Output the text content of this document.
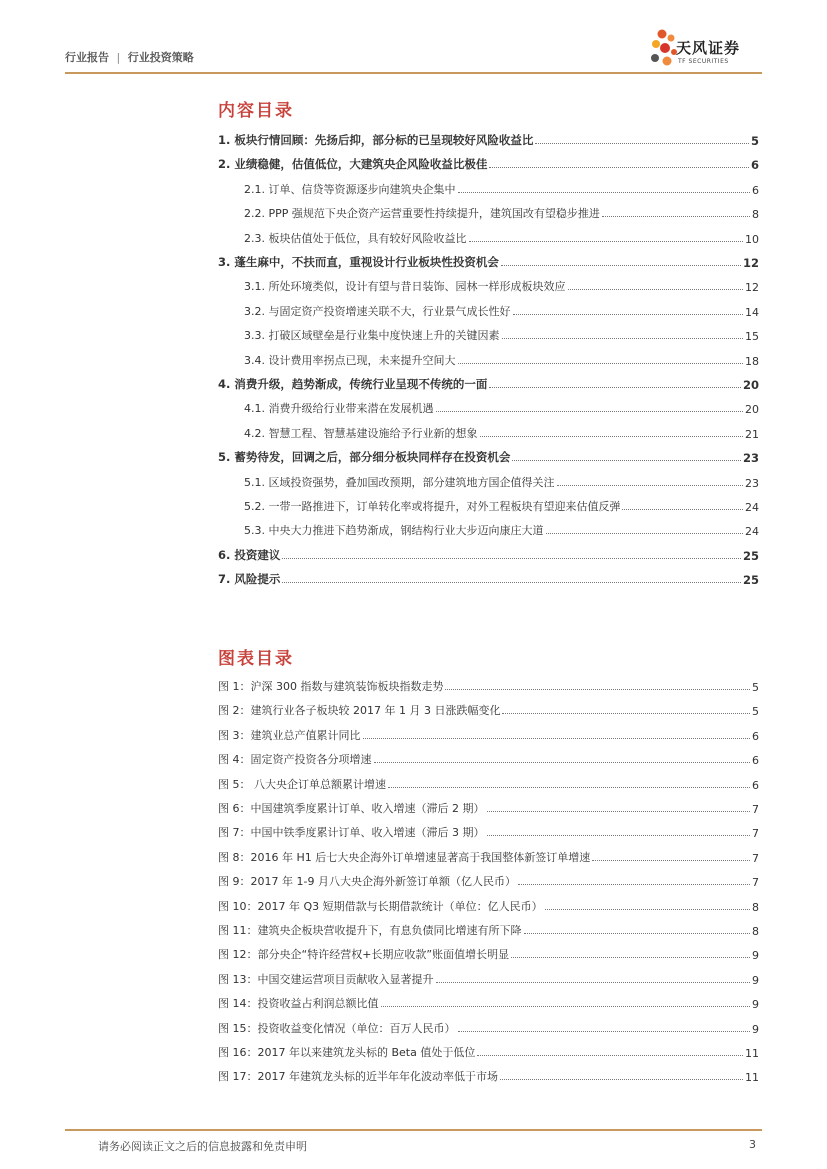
行业报告 | 行业投资策略
天风证券
TF SECURITIES
内容目录
1. 板块行情回顾：先扬后抑，部分标的已呈现较好风险收益比	5
2. 业绩稳健，估值低位，大建筑央企风险收益比极佳	6
2.1. 订单、信贷等资源逐步向建筑央企集中	6
2.2. PPP 强规范下央企资产运营重要性持续提升，建筑国改有望稳步推进	8
2.3. 板块估值处于低位，具有较好风险收益比	10
3. 蓬生麻中，不扶而直，重视设计行业板块性投资机会	12
3.1. 所处环境类似，设计有望与昔日装饰、园林一样形成板块效应	12
3.2. 与固定资产投资增速关联不大，行业景气成长性好	14
3.3. 打破区域壁垒是行业集中度快速上升的关键因素	15
3.4. 设计费用率拐点已现，未来提升空间大	18
4. 消费升级，趋势渐成，传统行业呈现不传统的一面	20
4.1. 消费升级给行业带来潜在发展机遇	20
4.2. 智慧工程、智慧基建设施给予行业新的想象	21
5. 蓄势待发，回调之后，部分细分板块同样存在投资机会	23
5.1. 区域投资强势，叠加国改预期，部分建筑地方国企值得关注	23
5.2. 一带一路推进下，订单转化率或将提升，对外工程板块有望迎来估值反弹	24
5.3. 中央大力推进下趋势渐成，钢结构行业大步迈向康庄大道	24
6. 投资建议	25
7. 风险提示	25
图表目录
图 1：沪深 300 指数与建筑装饰板块指数走势	5
图 2：建筑行业各子板块较 2017 年 1 月 3 日涨跌幅变化	5
图 3：建筑业总产值累计同比	6
图 4：固定资产投资各分项增速	6
图 5： 八大央企订单总额累计增速	6
图 6：中国建筑季度累计订单、收入增速（滞后 2 期）	7
图 7：中国中铁季度累计订单、收入增速（滞后 3 期）	7
图 8：2016 年 H1 后七大央企海外订单增速显著高于我国整体新签订单增速	7
图 9：2017 年 1-9 月八大央企海外新签订单额（亿人民币）	7
图 10：2017 年 Q3 短期借款与长期借款统计（单位：亿人民币）	8
图 11：建筑央企板块营收提升下，有息负债同比增速有所下降	8
图 12：部分央企“特许经营权+长期应收款”账面值增长明显	9
图 13：中国交建运营项目贡献收入显著提升	9
图 14：投资收益占利润总额比值	9
图 15：投资收益变化情况（单位：百万人民币）	9
图 16：2017 年以来建筑龙头标的 Beta 值处于低位	11
图 17：2017 年建筑龙头标的近半年年化波动率低于市场	11
请务必阅读正文之后的信息披露和免责申明	3
